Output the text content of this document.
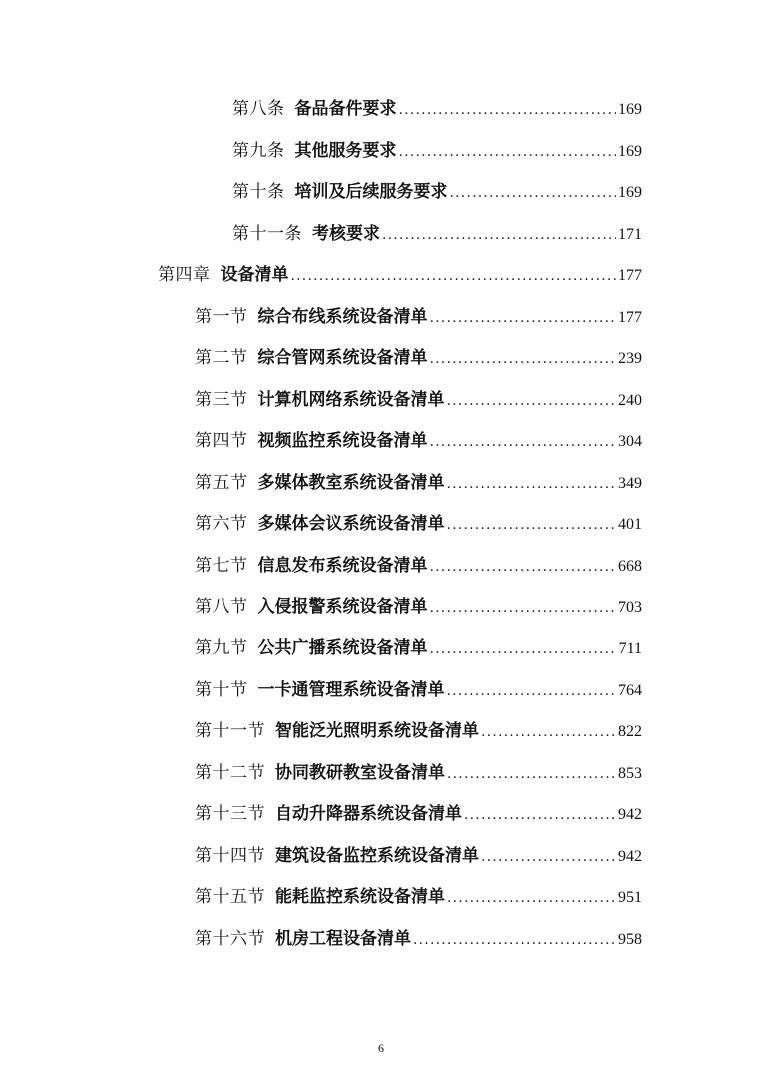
第八条 备品备件要求 .....	169
第九条 其他服务要求 .....	169
第十条 培训及后续服务要求 .....	169
第十一条 考核要求 .....	171
第四章 设备清单 .....	177
第一节 综合布线系统设备清单 .....	177
第二节 综合管网系统设备清单 .....	239
第三节 计算机网络系统设备清单 .....	240
第四节 视频监控系统设备清单 .....	304
第五节 多媒体教室系统设备清单 .....	349
第六节 多媒体会议系统设备清单 .....	401
第七节 信息发布系统设备清单 .....	668
第八节 入侵报警系统设备清单 .....	703
第九节 公共广播系统设备清单 .....	711
第十节 一卡通管理系统设备清单 .....	764
第十一节 智能泛光照明系统设备清单 .....	822
第十二节 协同教研教室设备清单 .....	853
第十三节 自动升降器系统设备清单 .....	942
第十四节 建筑设备监控系统设备清单 .....	942
第十五节 能耗监控系统设备清单 .....	951
第十六节 机房工程设备清单 .....	958
6
